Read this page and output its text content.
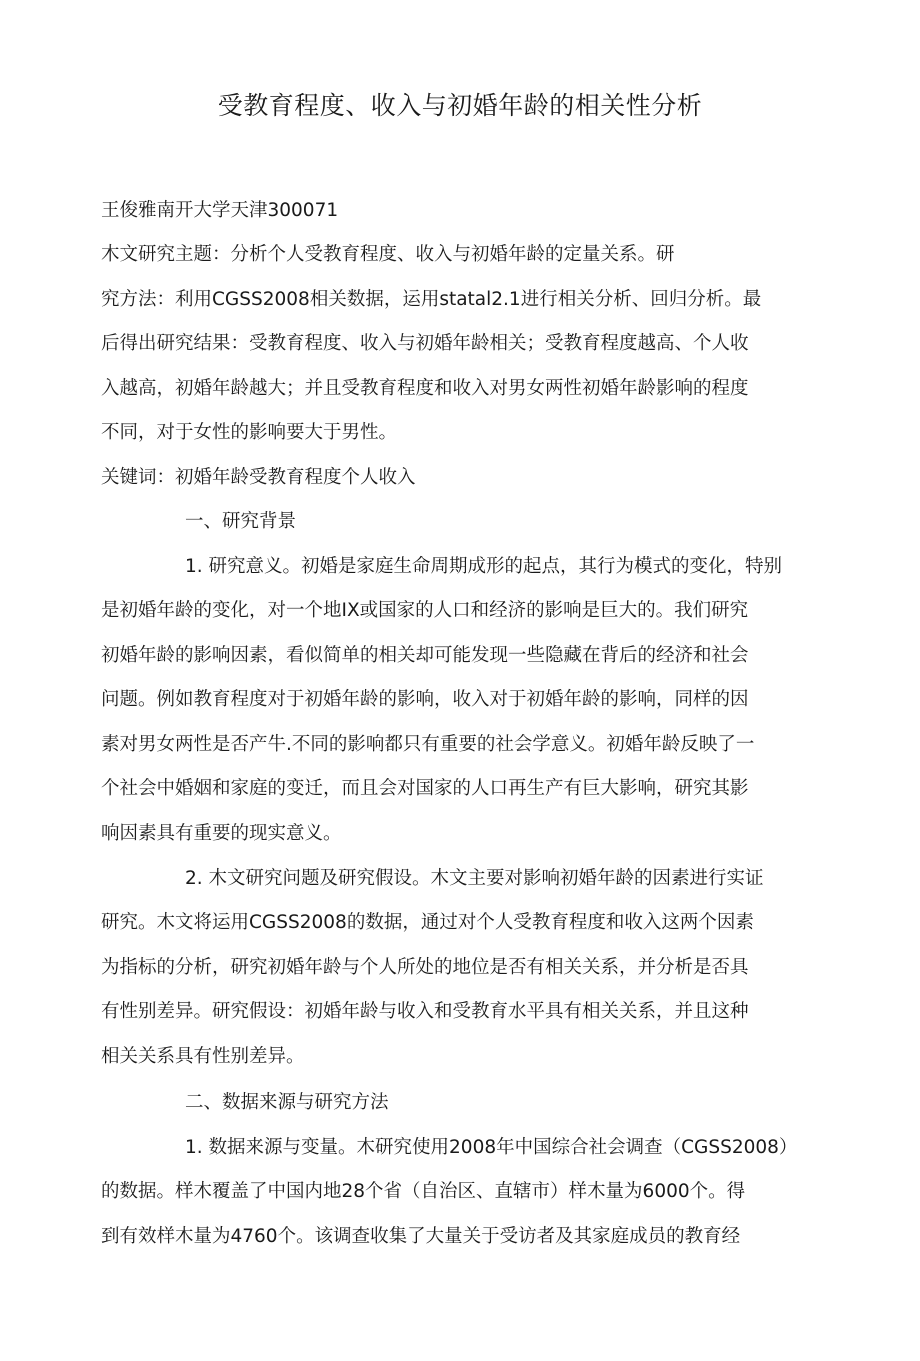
受教育程度、收入与初婚年龄的相关性分析
王俊雅南开大学天津300071
木文研究主题：分析个人受教育程度、收入与初婚年龄的定量关系。研
究方法：利用CGSS2008相关数据，运用statal2.1进行相关分析、回归分析。最
后得出研究结果：受教育程度、收入与初婚年龄相关；受教育程度越高、个人收
入越高，初婚年龄越大；并且受教育程度和收入对男女两性初婚年龄影响的程度
不同，对于女性的影响要大于男性。
关键词：初婚年龄受教育程度个人收入
一、研究背景
1. 研究意义。初婚是家庭生命周期成形的起点，其行为模式的变化，特别
是初婚年龄的变化，对一个地IX或国家的人口和经济的影响是巨大的。我们研究
初婚年龄的影响因素，看似简单的相关却可能发现一些隐藏在背后的经济和社会
问题。例如教育程度对于初婚年龄的影响，收入对于初婚年龄的影响，同样的因
素对男女两性是否产牛.不同的影响都只有重要的社会学意义。初婚年龄反映了一
个社会中婚姻和家庭的变迁，而且会对国家的人口再生产有巨大影响，研究其影
响因素具有重要的现实意义。
2. 木文研究问题及研究假设。木文主要对影响初婚年龄的因素进行实证
研究。木文将运用CGSS2008的数据，通过对个人受教育程度和收入这两个因素
为指标的分析，研究初婚年龄与个人所处的地位是否有相关关系，并分析是否具
有性别差异。研究假设：初婚年龄与收入和受教育水平具有相关关系，并且这种
相关关系具有性别差异。
二、数据来源与研究方法
1. 数据来源与变量。木研究使用2008年中国综合社会调查（CGSS2008）
的数据。样木覆盖了中国内地28个省（自治区、直辖市）样木量为6000个。得
到有效样木量为4760个。该调查收集了大量关于受访者及其家庭成员的教育经
